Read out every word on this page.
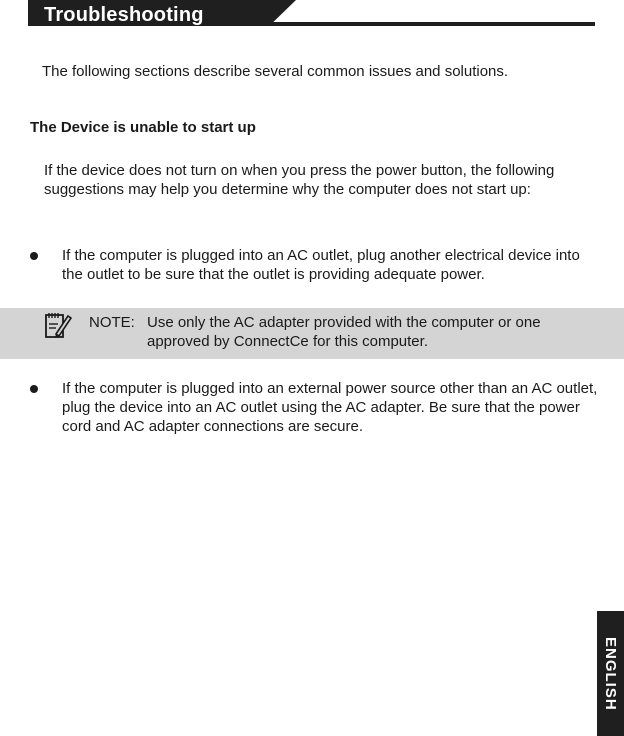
Troubleshooting

The following sections describe several common issues and solutions.

The Device is unable to start up

If the device does not turn on when you press the power button, the following suggestions may help you determine why the computer does not start up:

If the computer is plugged into an AC outlet, plug another electrical device into the outlet to be sure that the outlet is providing adequate power.
NOTE: Use only the AC adapter provided with the computer or one approved by ConnectCe for this computer.
If the computer is plugged into an external power source other than an AC outlet, plug the device into an AC outlet using the AC adapter. Be sure that the power cord and AC adapter connections are secure.
ENGLISH
